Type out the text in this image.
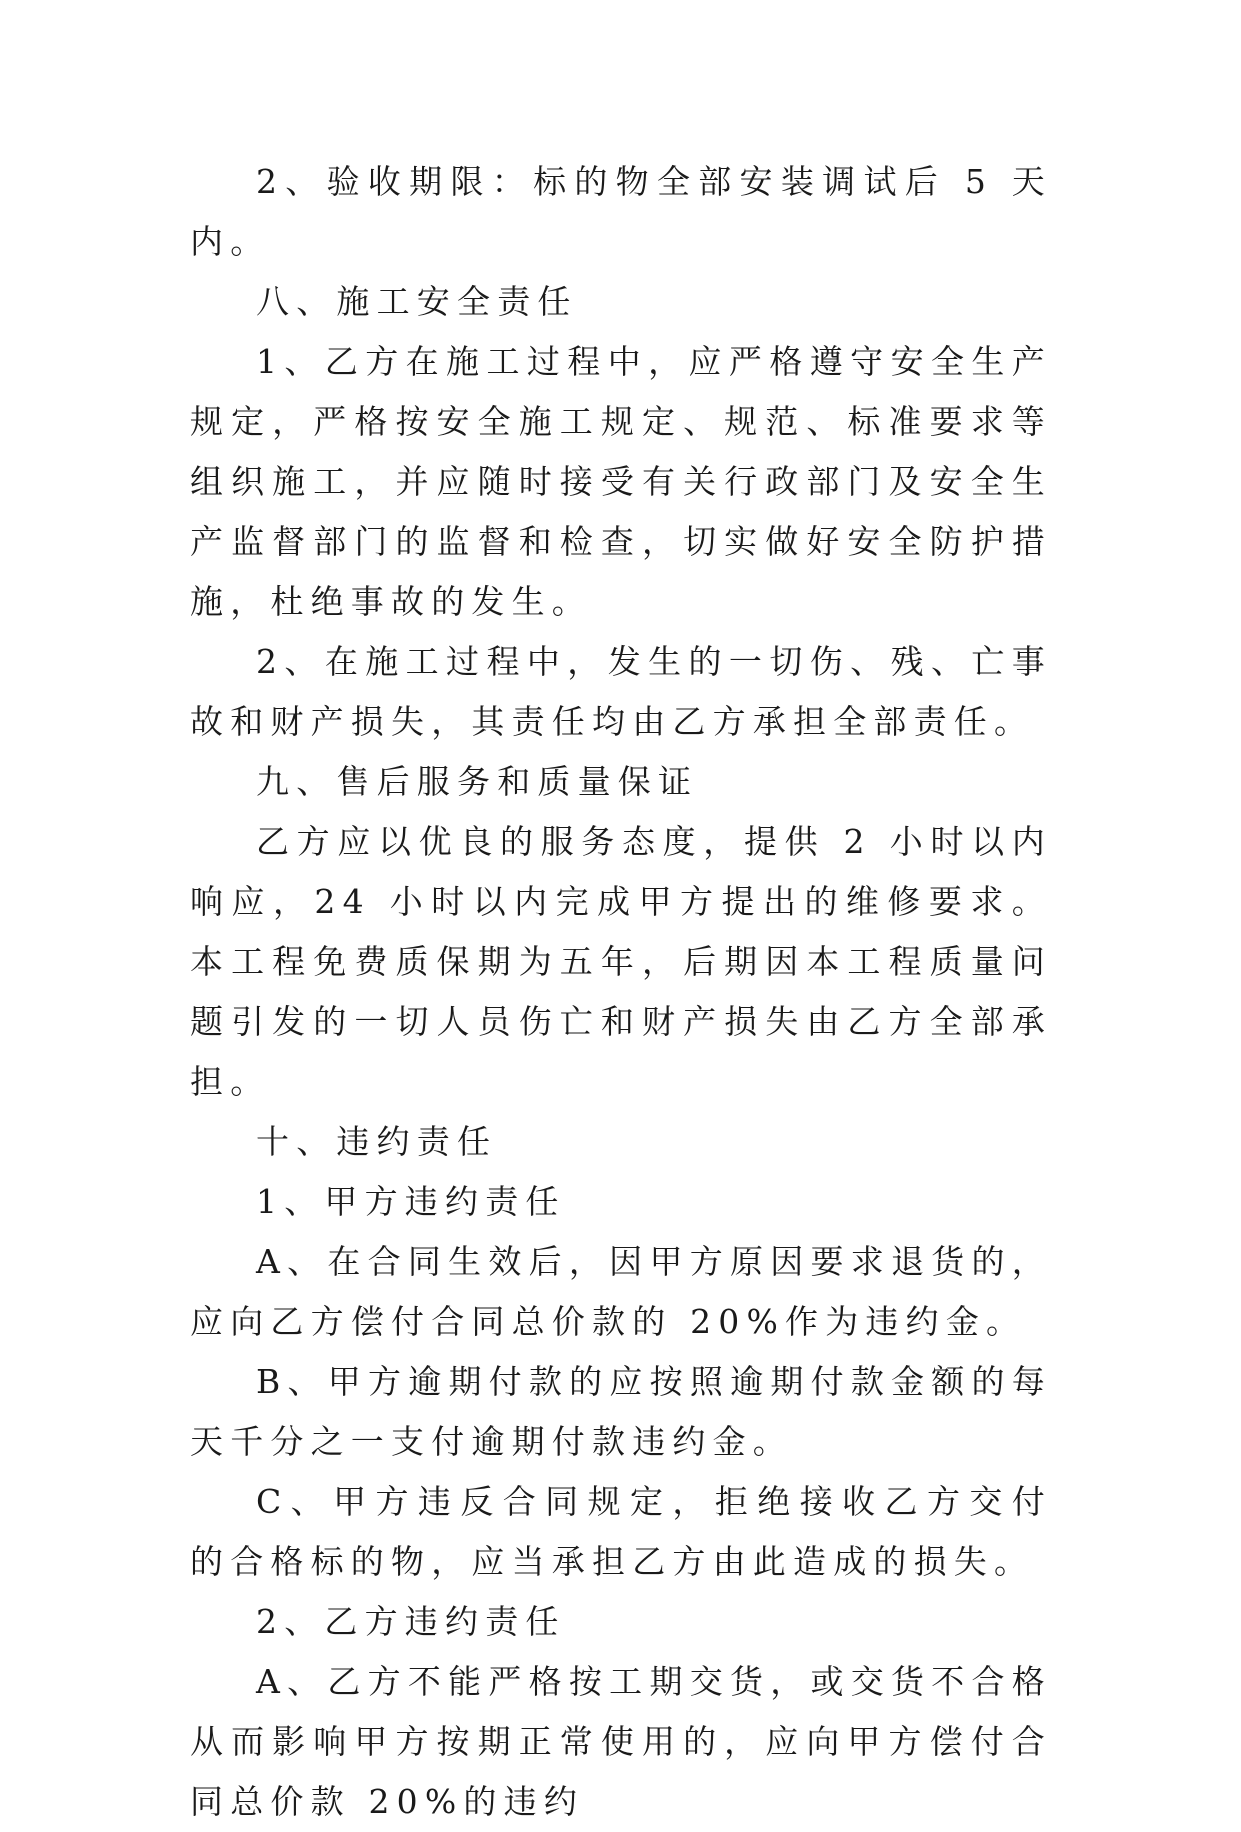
2、验收期限：标的物全部安装调试后 5 天内。

八、施工安全责任

1、乙方在施工过程中，应严格遵守安全生产规定，严格按安全施工规定、规范、标准要求等组织施工，并应随时接受有关行政部门及安全生产监督部门的监督和检查，切实做好安全防护措施，杜绝事故的发生。

2、在施工过程中，发生的一切伤、残、亡事故和财产损失，其责任均由乙方承担全部责任。

九、售后服务和质量保证

乙方应以优良的服务态度，提供 2 小时以内响应，24 小时以内完成甲方提出的维修要求。本工程免费质保期为五年，后期因本工程质量问题引发的一切人员伤亡和财产损失由乙方全部承担。

十、违约责任

1、甲方违约责任

A、在合同生效后，因甲方原因要求退货的，应向乙方偿付合同总价款的 20%作为违约金。

B、甲方逾期付款的应按照逾期付款金额的每天千分之一支付逾期付款违约金。

C、甲方违反合同规定，拒绝接收乙方交付的合格标的物，应当承担乙方由此造成的损失。

2、乙方违约责任

A、乙方不能严格按工期交货，或交货不合格从而影响甲方按期正常使用的，应向甲方偿付合同总价款 20%的违约
